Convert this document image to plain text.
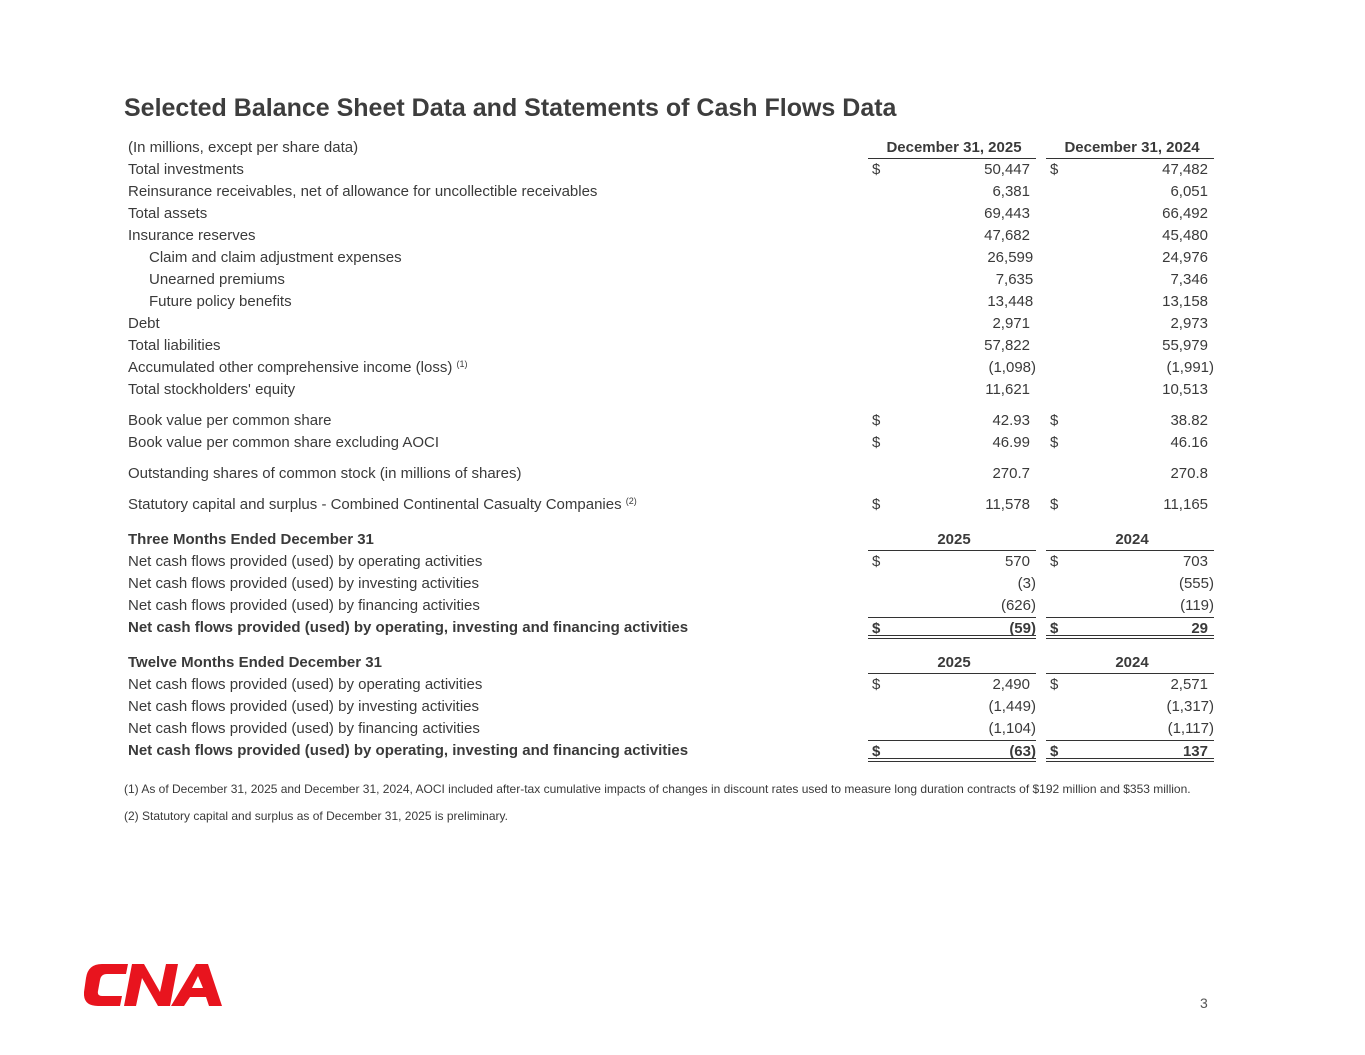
Selected Balance Sheet Data and Statements of Cash Flows Data
(In millions, except per share data)	December 31, 2025	December 31, 2024
Total investments	$	50,447	$	47,482
Reinsurance receivables, net of allowance for uncollectible receivables	6,381	6,051
Total assets	69,443	66,492
Insurance reserves	47,682	45,480
Claim and claim adjustment expenses	26,599	24,976
Unearned premiums	7,635	7,346
Future policy benefits	13,448	13,158
Debt	2,971	2,973
Total liabilities	57,822	55,979
Accumulated other comprehensive income (loss) $^{(1)}$	(1,098)	(1,991)
Total stockholders' equity	11,621	10,513
Book value per common share	$	42.93	$	38.82
Book value per common share excluding AOCI	$	46.99	$	46.16
Outstanding shares of common stock (in millions of shares)	270.7	270.8
Statutory capital and surplus - Combined Continental Casualty Companies $^{(2)}$	$	11,578	$	11,165
Three Months Ended December 31	2025	2024
Net cash flows provided (used) by operating activities	$	570	$	703
Net cash flows provided (used) by investing activities	(3)	(555)
Net cash flows provided (used) by financing activities	(626)	(119)
Net cash flows provided (used) by operating, investing and financing activities	$	(59) $	29
Twelve Months Ended December 31	2025	2024
Net cash flows provided (used) by operating activities	$	2,490	$	2,571
Net cash flows provided (used) by investing activities	(1,449)	(1,317)
Net cash flows provided (used) by financing activities	(1,104)	(1,117)
Net cash flows provided (used) by operating, investing and financing activities	$	(63) $	137

(1) As of December 31, 2025 and December 31, 2024, AOCI included after-tax cumulative impacts of changes in discount rates used to measure long duration contracts of $192 million and $353 million.

(2) Statutory capital and surplus as of December 31, 2025 is preliminary.

3
